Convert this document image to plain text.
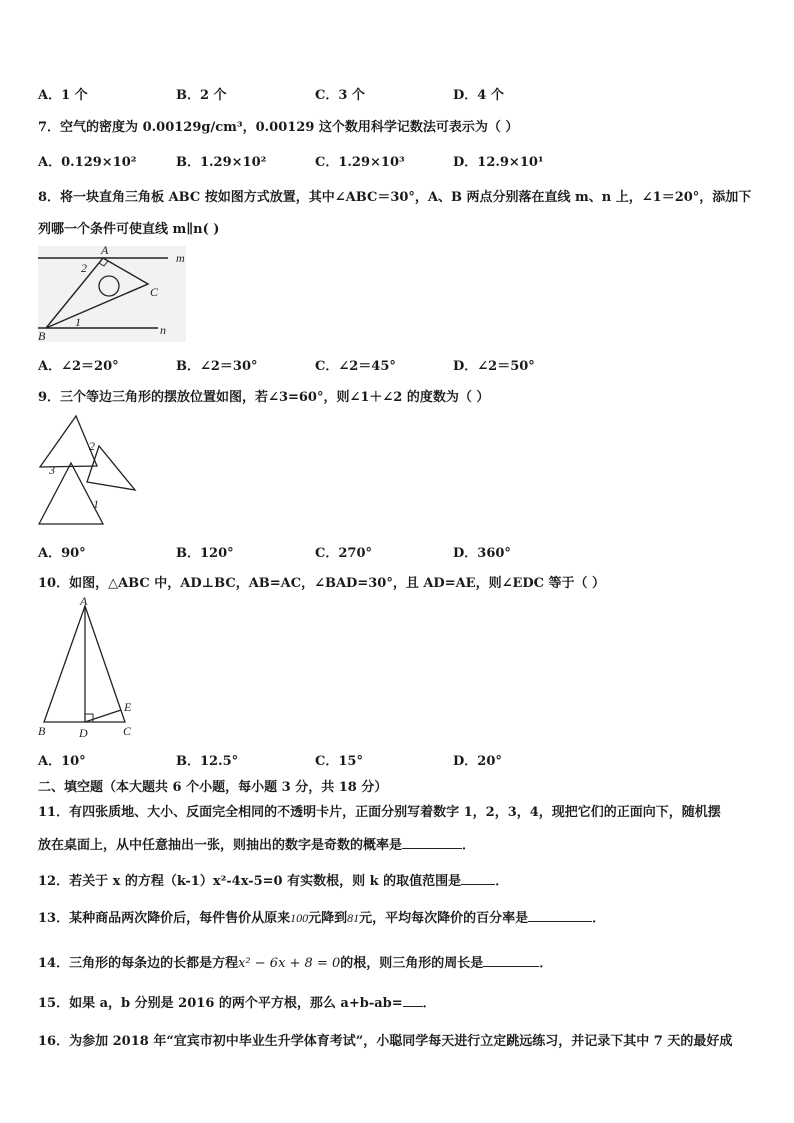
A．1 个	B．2 个	C．3 个	D．4 个
7．空气的密度为 0.00129g/cm³，0.00129 这个数用科学记数法可表示为（ ）
A．0.129×10²	B．1.29×10²	C．1.29×10³	D．12.9×10¹
8．将一块直角三角板 ABC 按如图方式放置，其中∠ABC＝30°，A、B 两点分别落在直线 m、n 上，∠1＝20°，添加下
列哪一个条件可使直线 m∥n( )
A
B
C
m
n
1
2
A．∠2＝20°	B．∠2＝30°	C．∠2＝45°	D．∠2＝50°
9．三个等边三角形的摆放位置如图，若∠3=60°，则∠1＋∠2 的度数为（ ）
2
3
1
A．90°	B．120°	C．270°	D．360°
10．如图，△ABC 中，AD⊥BC，AB=AC，∠BAD=30°，且 AD=AE，则∠EDC 等于（ ）
A
B	C
D
E
A．10°	B．12.5°	C．15°	D．20°
二、填空题（本大题共 6 个小题，每小题 3 分，共 18 分）
11．有四张质地、大小、反面完全相同的不透明卡片，正面分别写着数字 1，2，3，4，现把它们的正面向下，随机摆
放在桌面上，从中任意抽出一张，则抽出的数字是奇数的概率是	．
12．若关于 x 的方程（k-1）x²-4x-5=0 有实数根，则 k 的取值范围是	．
13．某种商品两次降价后，每件售价从原来100元降到81元，平均每次降价的百分率是	．
14．三角形的每条边的长都是方程x² − 6x + 8 = 0的根，则三角形的周长是	．
15．如果 a，b 分别是 2016 的两个平方根，那么 a+b-ab= ．
16．为参加 2018 年“宜宾市初中毕业生升学体育考试”，小聪同学每天进行立定跳远练习，并记录下其中 7 天的最好成
